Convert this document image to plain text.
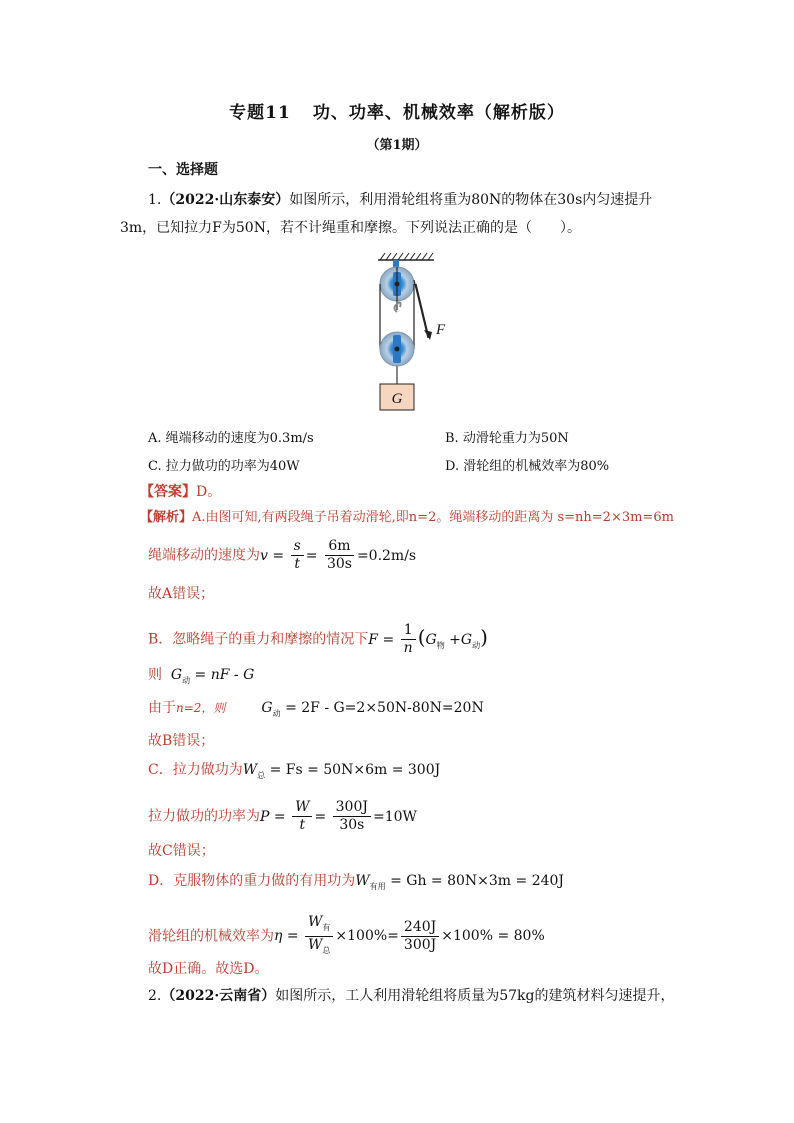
专题11 功、功率、机械效率（解析版）
（第1期）
一、选择题
1.（2022·山东泰安）如图所示，利用滑轮组将重为80N的物体在30s内匀速提升
3m，已知拉力F为50N，若不计绳重和摩擦。下列说法正确的是（　　）。
F
G
A. 绳端移动的速度为0.3m/s	B. 动滑轮重力为50N
C. 拉力做功的功率为40W	D. 滑轮组的机械效率为80%
【答案】D。
【解析】A.由图可知,有两段绳子吊着动滑轮,即n=2。绳端移动的距离为 s=nh=2×3m=6m
绳端移动的速度为$v = \frac{s}{t} = \frac{6m}{30s} =0.2m/s$
故A错误；
B．忽略绳子的重力和摩擦的情况下$F = \frac{1}{n} (G_物 +G_动)$
则 $G_动$ = nF - G
由于n=2，则	$G_动 = 2F - G=2\times 50N-80N=20N$
故B错误；
C．拉力做功为$W_总 = Fs = 50N\times 6m = 300J$
拉力做功的功率为$P = \frac{W}{t} = \frac{300J}{30s} =10W$
故C错误；
D．克服物体的重力做的有用功为$W_{有用} = Gh = 80N\times 3m = 240J$
滑轮组的机械效率为$\eta = \frac{W_有}{W_总} \times 100\%= \frac{240J}{300J} \times 100\% = 80\%$
故D正确。故选D。
2.（2022·云南省）如图所示，工人利用滑轮组将质量为57kg的建筑材料匀速提升，
